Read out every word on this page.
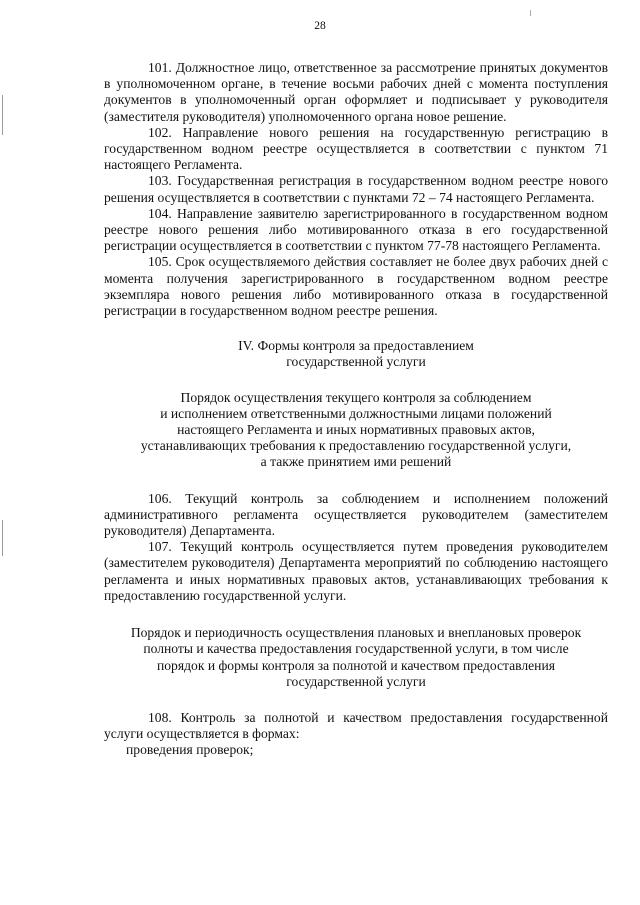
28

101. Должностное лицо, ответственное за рассмотрение принятых документов в уполномоченном органе, в течение восьми рабочих дней с момента поступления документов в уполномоченный орган оформляет и подписывает у руководителя (заместителя руководителя) уполномоченного органа новое решение.

102. Направление нового решения на государственную регистрацию в государственном водном реестре осуществляется в соответствии с пунктом 71 настоящего Регламента.

103. Государственная регистрация в государственном водном реестре нового решения осуществляется в соответствии с пунктами 72 – 74 настоящего Регламента.

104. Направление заявителю зарегистрированного в государственном водном реестре нового решения либо мотивированного отказа в его государственной регистрации осуществляется в соответствии с пунктом 77-78 настоящего Регламента.

105. Срок осуществляемого действия составляет не более двух рабочих дней с момента получения зарегистрированного в государственном водном реестре экземпляра нового решения либо мотивированного отказа в государственной регистрации в государственном водном реестре решения.

IV. Формы контроля за предоставлением
государственной услуги
Порядок осуществления текущего контроля за соблюдением
и исполнением ответственными должностными лицами положений
настоящего Регламента и иных нормативных правовых актов,
устанавливающих требования к предоставлению государственной услуги,
а также принятием ими решений

106. Текущий контроль за соблюдением и исполнением положений административного регламента осуществляется руководителем (заместителем руководителя) Департамента.

107. Текущий контроль осуществляется путем проведения руководителем (заместителем руководителя) Департамента мероприятий по соблюдению настоящего регламента и иных нормативных правовых актов, устанавливающих требования к предоставлению государственной услуги.

Порядок и периодичность осуществления плановых и внеплановых проверок
полноты и качества предоставления государственной услуги, в том числе
порядок и формы контроля за полнотой и качеством предоставления
государственной услуги

108. Контроль за полнотой и качеством предоставления государственной услуги осуществляется в формах:

проведения проверок;
